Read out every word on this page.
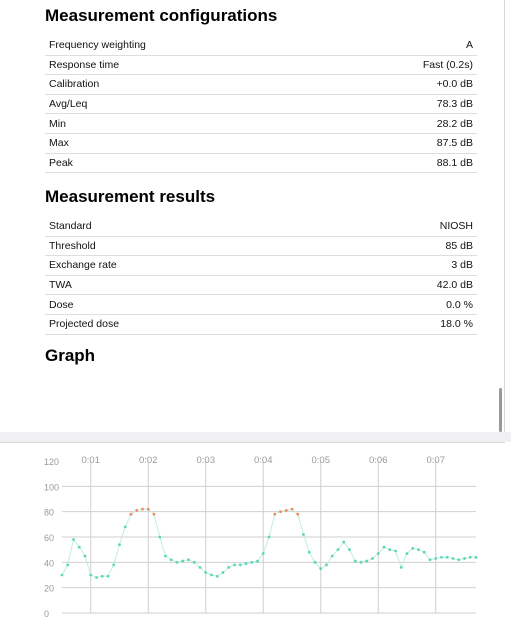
Measurement configurations
Frequency weighting	A
Response time	Fast (0.2s)
Calibration	+0.0 dB
Avg/Leq	78.3 dB
Min	28.2 dB
Max	87.5 dB
Peak	88.1 dB
Measurement results
Standard	NIOSH
Threshold	85 dB
Exchange rate	3 dB
TWA	42.0 dB
Dose	0.0 %
Projected dose	18.0 %
Graph
120
100
80
60
40
20
0
0:01	0:02	0:03	0:04	0:05	0:06	0:07
